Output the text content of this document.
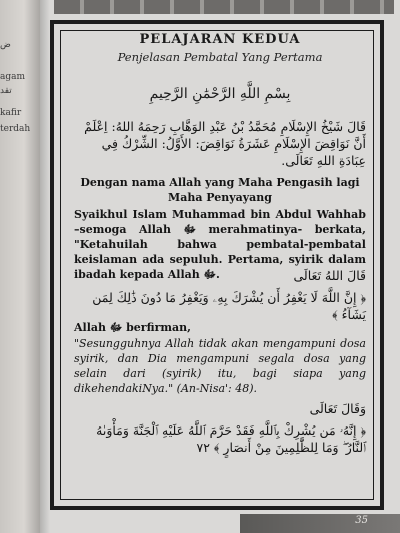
ﺽ
agam
ﺗﻘﺪ
kafir
terdah
PELAJARAN KEDUA
Penjelasan Pembatal Yang Pertama
بِسْمِ اللَّهِ الرَّحْمَٰنِ الرَّحِيمِ
قَالَ شَيْخُ الإِسْلَامِ مُحَمَّدُ بْنُ عَبْدِ الوَهَّابِ رَحِمَهُ اللهُ: اِعْلَمْ أَنَّ نَوَاقِضَ الإِسْلَامِ عَشَرَةُ نَوَاقِضَ: الأَوَّلُ: الشِّرْكُ فِي عِبَادَةِ اللهِ تَعَالَى.
Dengan nama Allah yang Maha Pengasih lagi Maha Penyayang
Syaikhul Islam Muhammad bin Abdul Wahhab –semoga Allah ﷻ merahmatinya- berkata, "Ketahuilah bahwa pembatal-pembatal keislaman ada sepuluh. Pertama, syirik dalam ibadah kepada Allah ﷻ.	قَالَ اللهُ تَعَالَى
﴿ إِنَّ اللَّهَ لَا يَغْفِرُ أَن يُشْرَكَ بِهِۦ وَيَغْفِرُ مَا دُونَ ذَٰلِكَ لِمَن يَشَآءُ ﴾
Allah ﷻ berfirman,
"Sesungguhnya Allah tidak akan mengampuni dosa syirik, dan Dia mengampuni segala dosa yang selain dari (syirik) itu, bagi siapa yang dikehendakiNya." (An-Nisa': 48).
وَقَالَ تَعَالَى
﴿ إِنَّهُۥ مَن يُشْرِكْ بِٱللَّهِ فَقَدْ حَرَّمَ ٱللَّهُ عَلَيْهِ ٱلْجَنَّةَ وَمَأْوَىٰهُ ٱلنَّارُ ۖ وَمَا لِلظَّٰلِمِينَ مِنْ أَنصَارٍ ﴾ ٧٢
35
